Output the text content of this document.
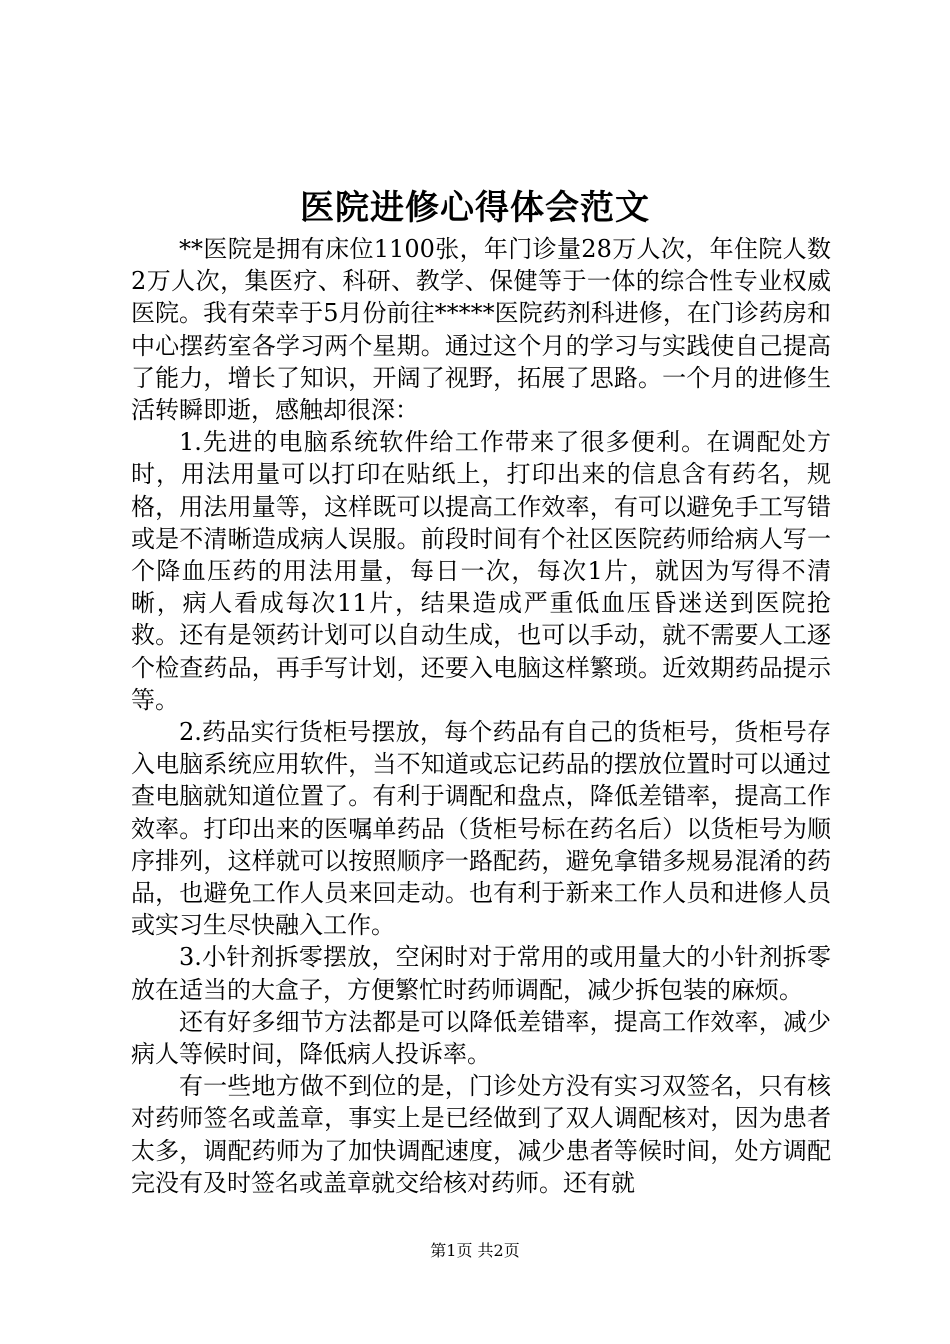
医院进修心得体会范文

**医院是拥有床位1100张，年门诊量28万人次，年住院人数2万人次，集医疗、科研、教学、保健等于一体的综合性专业权威医院。我有荣幸于5月份前往*****医院药剂科进修，在门诊药房和中心摆药室各学习两个星期。通过这个月的学习与实践使自己提高了能力，增长了知识，开阔了视野，拓展了思路。一个月的进修生活转瞬即逝，感触却很深：

1.先进的电脑系统软件给工作带来了很多便利。在调配处方时，用法用量可以打印在贴纸上，打印出来的信息含有药名，规格，用法用量等，这样既可以提高工作效率，有可以避免手工写错或是不清晰造成病人误服。前段时间有个社区医院药师给病人写一个降血压药的用法用量，每日一次，每次1片，就因为写得不清晰，病人看成每次11片，结果造成严重低血压昏迷送到医院抢救。还有是领药计划可以自动生成，也可以手动，就不需要人工逐个检查药品，再手写计划，还要入电脑这样繁琐。近效期药品提示等。

2.药品实行货柜号摆放，每个药品有自己的货柜号，货柜号存入电脑系统应用软件，当不知道或忘记药品的摆放位置时可以通过查电脑就知道位置了。有利于调配和盘点，降低差错率，提高工作效率。打印出来的医嘱单药品（货柜号标在药名后）以货柜号为顺序排列，这样就可以按照顺序一路配药，避免拿错多规易混淆的药品，也避免工作人员来回走动。也有利于新来工作人员和进修人员或实习生尽快融入工作。

3.小针剂拆零摆放，空闲时对于常用的或用量大的小针剂拆零放在适当的大盒子，方便繁忙时药师调配，减少拆包装的麻烦。

还有好多细节方法都是可以降低差错率，提高工作效率，减少病人等候时间，降低病人投诉率。

有一些地方做不到位的是，门诊处方没有实习双签名，只有核对药师签名或盖章，事实上是已经做到了双人调配核对，因为患者太多，调配药师为了加快调配速度，减少患者等候时间，处方调配完没有及时签名或盖章就交给核对药师。还有就

第1页 共2页
